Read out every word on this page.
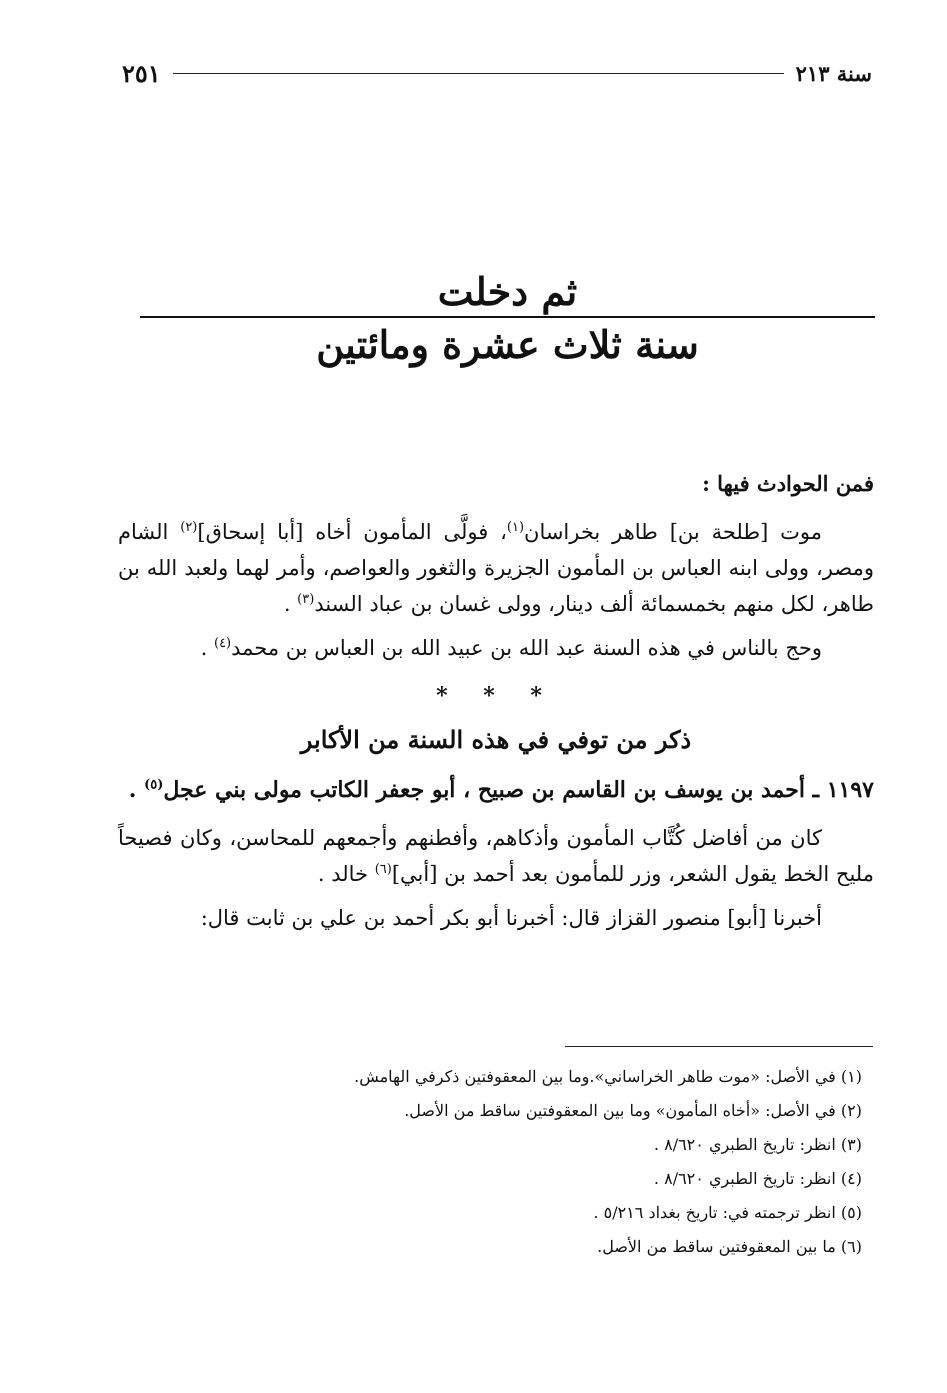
سنة ٢١٣
٢٥١
ثم دخلت
سنة ثلاث عشرة ومائتين

فمن الحوادث فيها :

موت [طلحة بن] طاهر بخراسان$^{(١)}$، فولَّى المأمون أخاه [أبا إسحاق]$^{(٢)}$ الشام ومصر، وولى ابنه العباس بن المأمون الجزيرة والثغور والعواصم، وأمر لهما ولعبد الله بن طاهر، لكل منهم بخمسمائة ألف دينار، وولى غسان بن عباد السند$^{(٣)}$ .

وحج بالناس في هذه السنة عبد الله بن عبيد الله بن العباس بن محمد$^{(٤)}$ .

* * *

ذكر من توفي في هذه السنة من الأكابر

١١٩٧ ـ أحمد بن يوسف بن القاسم بن صبيح ، أبو جعفر الكاتب مولى بني عجل$^{(٥)}$ .

كان من أفاضل كُتَّاب المأمون وأذكاهم، وأفطنهم وأجمعهم للمحاسن، وكان فصيحاً مليح الخط يقول الشعر، وزر للمأمون بعد أحمد بن [أبي]$^{(٦)}$ خالد .

أخبرنا [أبو] منصور القزاز قال: أخبرنا أبو بكر أحمد بن علي بن ثابت قال:

(١) في الأصل: «موت طاهر الخراساني».وما بين المعقوفتين ذكرفي الهامش.

(٢) في الأصل: «أخاه المأمون» وما بين المعقوفتين ساقط من الأصل.

(٣) انظر: تاريخ الطبري ٨/٦٢٠ .

(٤) انظر: تاريخ الطبري ٨/٦٢٠ .

(٥) انظر ترجمته في: تاريخ بغداد ٥/٢١٦ .

(٦) ما بين المعقوفتين ساقط من الأصل.
